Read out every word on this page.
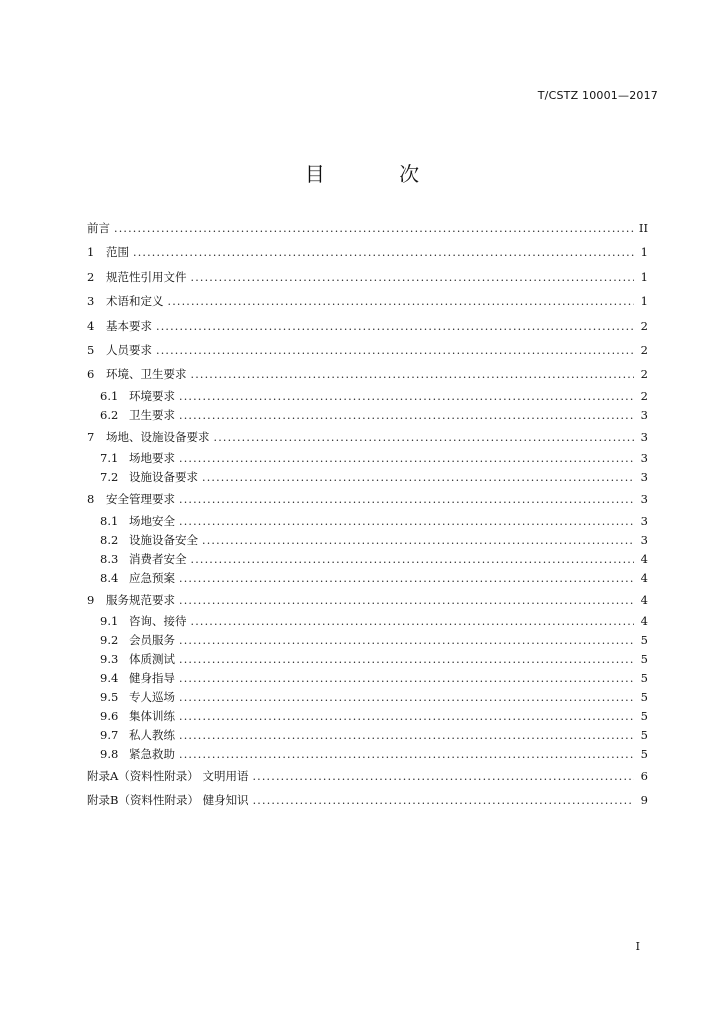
T/CSTZ 10001—2017
目 次
前言 .....	II
1	范围 .....	1
2	规范性引用文件 .....	1
3	术语和定义 .....	1
4	基本要求 .....	2
5	人员要求 .....	2
6	环境、卫生要求 .....	2
6.1 环境要求 .....	2
6.2 卫生要求 .....	3
7	场地、设施设备要求 .....	3
7.1 场地要求 .....	3
7.2 设施设备要求 .....	3
8	安全管理要求 .....	3
8.1 场地安全 .....	3
8.2 设施设备安全 .....	3
8.3 消费者安全 .....	4
8.4 应急预案 .....	4
9	服务规范要求 .....	4
9.1 咨询、接待 .....	4
9.2 会员服务 .....	5
9.3 体质测试 .....	5
9.4 健身指导 .....	5
9.5 专人巡场 .....	5
9.6 集体训练 .....	5
9.7 私人教练 .....	5
9.8 紧急救助 .....	5
附录A（资料性附录） 文明用语 .....	6
附录B（资料性附录） 健身知识 .....	9
I
